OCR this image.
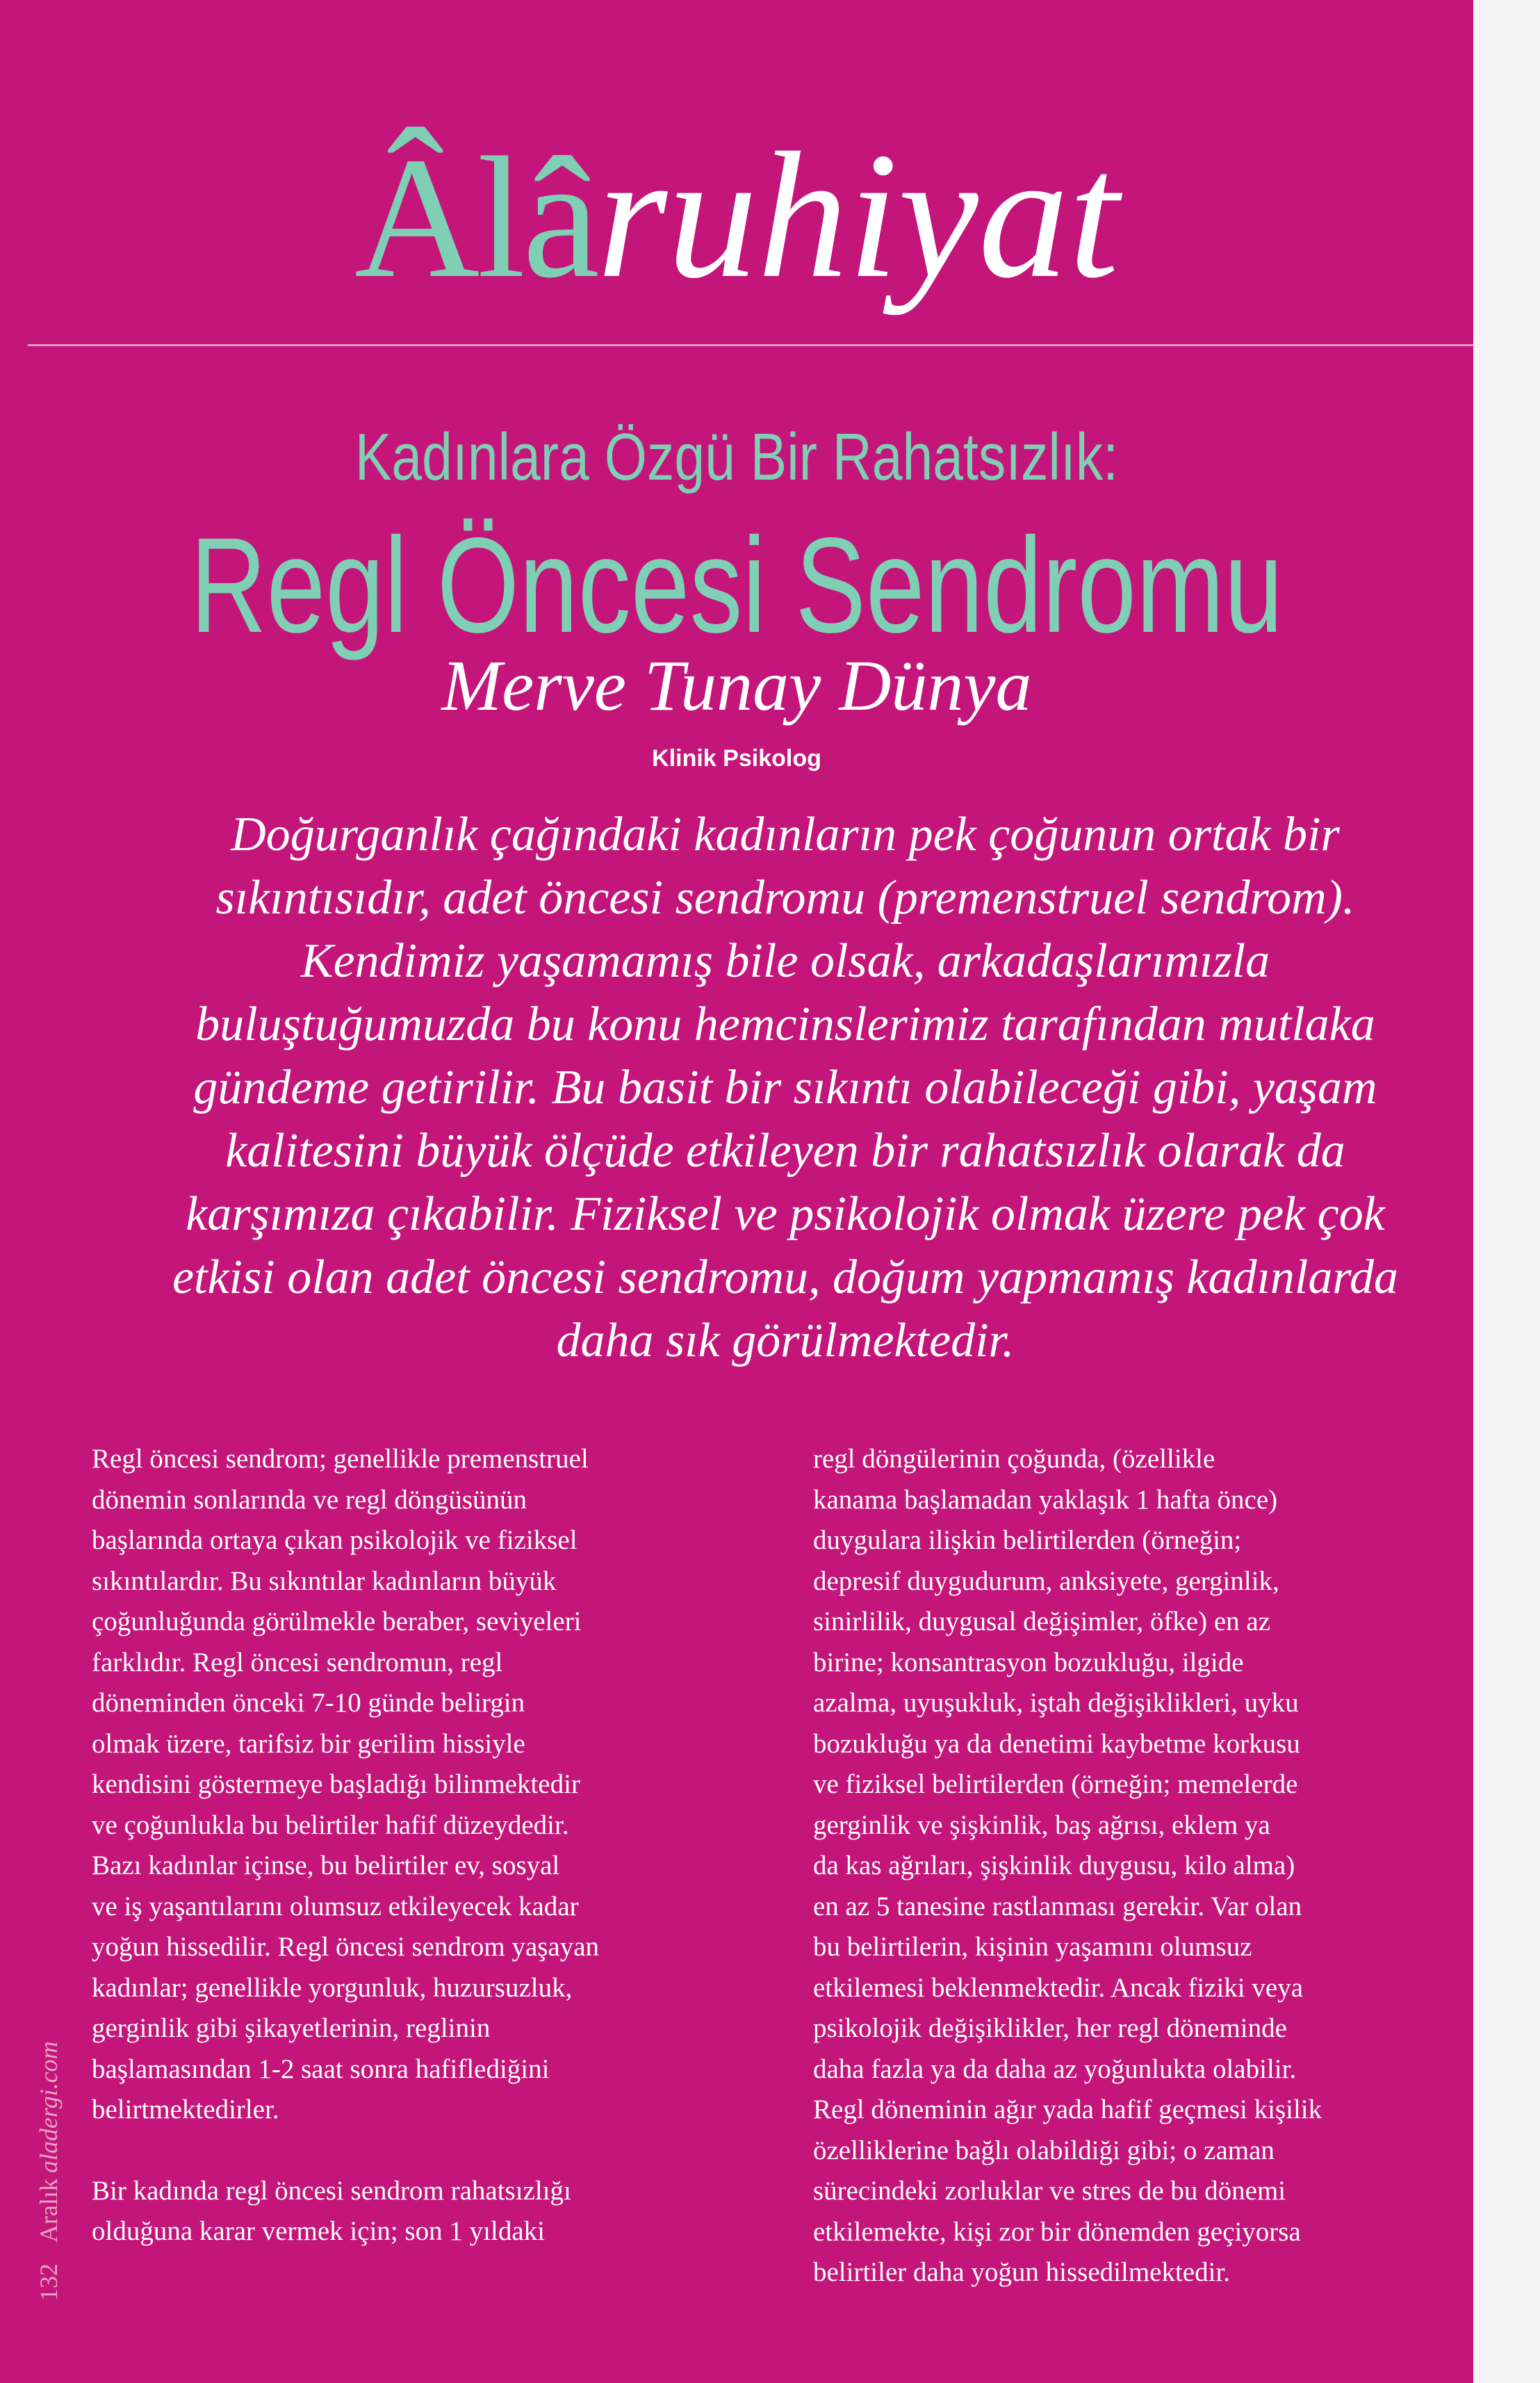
Âlâruhiyat
Kadınlara Özgü Bir Rahatsızlık:
Regl Öncesi Sendromu
Merve Tunay Dünya
Klinik Psikolog
Doğurganlık çağındaki kadınların pek çoğunun ortak bir
sıkıntısıdır, adet öncesi sendromu (premenstruel sendrom).
Kendimiz yaşamamış bile olsak, arkadaşlarımızla
buluştuğumuzda bu konu hemcinslerimiz tarafından mutlaka
gündeme getirilir. Bu basit bir sıkıntı olabileceği gibi, yaşam
kalitesini büyük ölçüde etkileyen bir rahatsızlık olarak da
karşımıza çıkabilir. Fiziksel ve psikolojik olmak üzere pek çok
etkisi olan adet öncesi sendromu, doğum yapmamış kadınlarda
daha sık görülmektedir.

Regl öncesi sendrom; genellikle premenstruel
dönemin sonlarında ve regl döngüsünün
başlarında ortaya çıkan psikolojik ve fiziksel
sıkıntılardır. Bu sıkıntılar kadınların büyük
çoğunluğunda görülmekle beraber, seviyeleri
farklıdır. Regl öncesi sendromun, regl
döneminden önceki 7-10 günde belirgin
olmak üzere, tarifsiz bir gerilim hissiyle
kendisini göstermeye başladığı bilinmektedir
ve çoğunlukla bu belirtiler hafif düzeydedir.
Bazı kadınlar içinse, bu belirtiler ev, sosyal
ve iş yaşantılarını olumsuz etkileyecek kadar
yoğun hissedilir. Regl öncesi sendrom yaşayan
kadınlar; genellikle yorgunluk, huzursuzluk,
gerginlik gibi şikayetlerinin, reglinin
başlamasından 1-2 saat sonra hafiflediğini
belirtmektedirler.

Bir kadında regl öncesi sendrom rahatsızlığı
olduğuna karar vermek için; son 1 yıldaki

regl döngülerinin çoğunda, (özellikle
kanama başlamadan yaklaşık 1 hafta önce)
duygulara ilişkin belirtilerden (örneğin;
depresif duygudurum, anksiyete, gerginlik,
sinirlilik, duygusal değişimler, öfke) en az
birine; konsantrasyon bozukluğu, ilgide
azalma, uyuşukluk, iştah değişiklikleri, uyku
bozukluğu ya da denetimi kaybetme korkusu
ve fiziksel belirtilerden (örneğin; memelerde
gerginlik ve şişkinlik, baş ağrısı, eklem ya
da kas ağrıları, şişkinlik duygusu, kilo alma)
en az 5 tanesine rastlanması gerekir. Var olan
bu belirtilerin, kişinin yaşamını olumsuz
etkilemesi beklenmektedir. Ancak fiziki veya
psikolojik değişiklikler, her regl döneminde
daha fazla ya da daha az yoğunlukta olabilir.
Regl döneminin ağır yada hafif geçmesi kişilik
özelliklerine bağlı olabildiği gibi; o zaman
sürecindeki zorluklar ve stres de bu dönemi
etkilemekte, kişi zor bir dönemden geçiyorsa
belirtiler daha yoğun hissedilmektedir.

132Aralıkaladergi.com
